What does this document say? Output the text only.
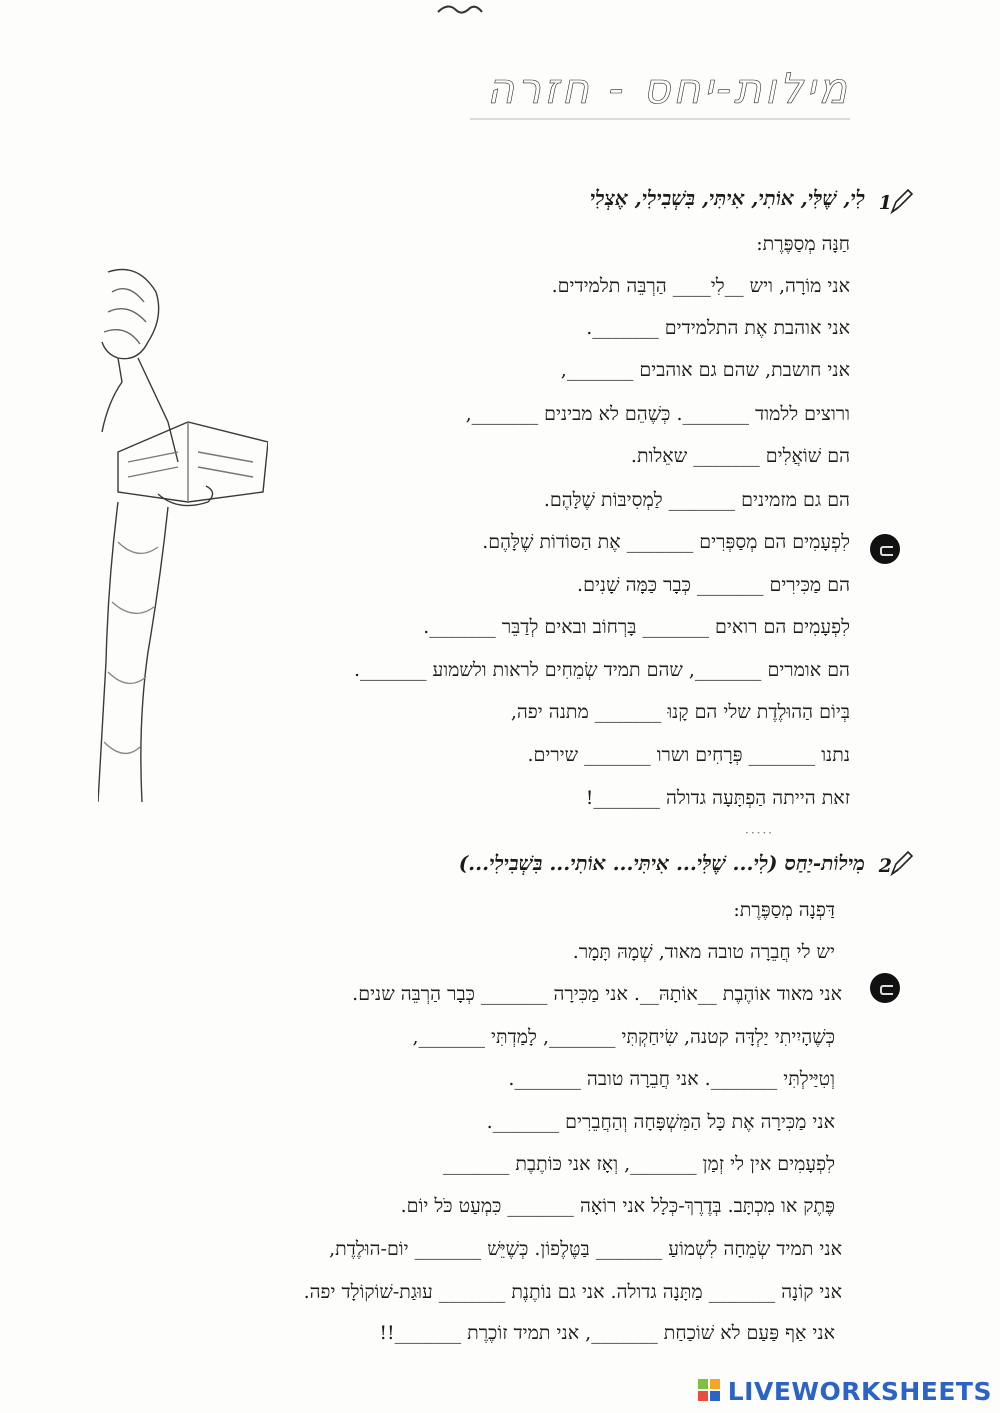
מילות-יחס - חזרה
1
לִי, שֶׁלִּי, אוֹתִי, אִיתִּי, בִּשְׁבִילִי, אֶצְלִי
חַנָּה מְסַפֶּרֶת:
אני מוֹרָה, ויש __לִי____ הַרְבֵּה תלמידים.
אני אוהבת אֶת התלמידים _______.
אני חושבת, שהם גם אוהבים _______,
ורוצים ללמוד _______. כְּשֶׁהֵם לא מבינים _______,
הם שׁוֹאֲלִים _______ שאֵלות.
הם גם מזמינים _______ לַמְסִיבּוֹת שֶׁלָּהֶם.
לִפְעָמִים הם מְסַפְּרִים _______ אֶת הַסּוֹדוֹת שֶׁלָּהֶם.
הם מַכִּירִים _______ כְּבָר כַּמָּה שָׁנִים.
לִפְעָמִים הם רואים _______ בָּרְחוֹב ובאים לְדַבֵּר _______.
הם אומרים _______, שהם תמיד שְׂמֵחִים לראות ולשמוע _______.
בְּיוֹם הַהוּלֶדֶת שלי הם קָנוּ _______ מתנה יפה,
נתנו _______ פְּרָחִים ושרו _______ שירים.
זאת הייתה הַפְתָּעָה גדולה _______!
·····
2
מִילוֹת-יַחַס (לִי... שֶׁלִּי... אִיתִּי... אוֹתִי... בִּשְׁבִילִי...)
דַּפְנָה מְסַפֶּרֶת:
יש לי חֲבֵרָה טובה מאוד, שְׁמָהּ תָּמָר.
אני מאוד אוֹהֶבֶת __אוֹתָהּ__. אני מַכִּירָה _______ כְּבָר הַרְבֵּה שנים.
כְּשֶׁהָיִיתִי יַלְדָּה קטנה, שִׂיחַקְתִּי _______, לָמַדְתִּי _______,
וְטִיַּילְתִּי _______. אני חֲבֵרָה טובה _______.
אני מַכִּירָה אֶת כָּל הַמִּשְׁפָּחָה וְהַחֲבֵרִים _______.
לִפְעָמִים אין לי זְמַן _______, וְאָז אני כּוֹתֶבֶת _______
פֶּתֶק או מִכְתָּב. בְּדֶרֶךְ-כְּלָל אני רוֹאָה _______ כִּמְעַט כֹּל יוֹם.
אני תמיד שְׂמֵחָה לִשְׁמוֹעַ _______ בַּטֶּלֶפוֹן. כְּשֶׁיֵּשׁ _______ יוֹם-הוּלֶדֶת,
אני קוֹנָה _______ מַתָּנָה גדולה. אני גם נוֹתֶנֶת _______ עוּגַת-שׁוֹקוֹלָד יפה.
אני אַף פַּעַם לא שׁוֹכַחַת _______, אני תמיד זוֹכֶרֶת _______!!
LIVEWORKSHEETS
